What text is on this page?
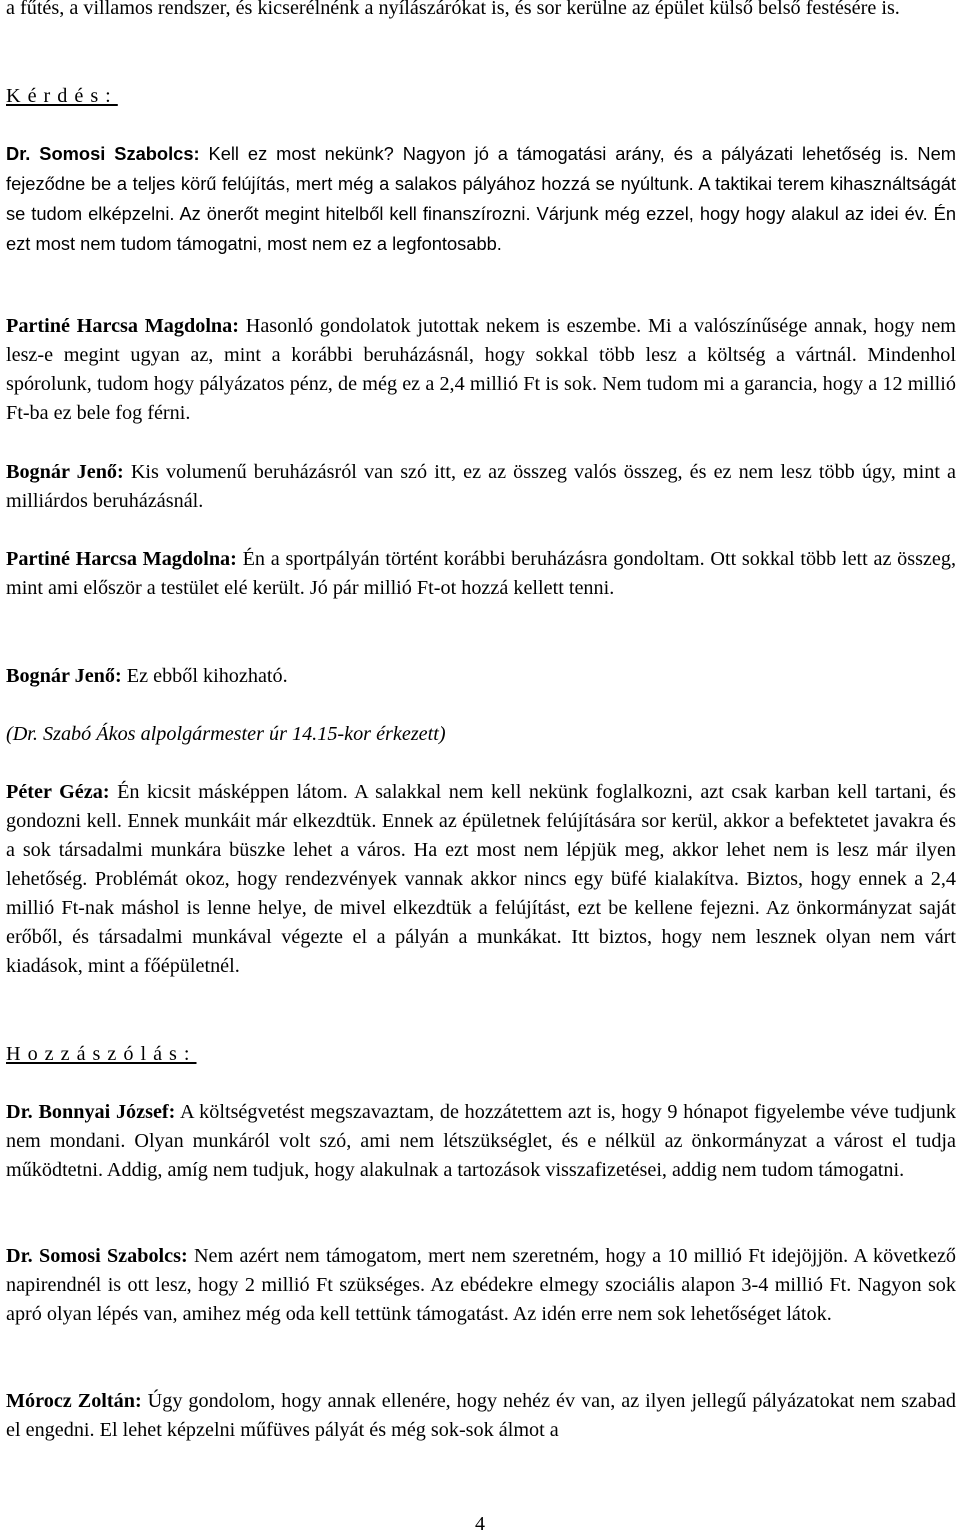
a fűtés, a villamos rendszer, és kicserélnénk a nyílászárókat is, és sor kerülne az épület külső belső festésére is.

Kérdés:

Dr. Somosi Szabolcs: Kell ez most nekünk? Nagyon jó a támogatási arány, és a pályázati lehetőség is. Nem fejeződne be a teljes körű felújítás, mert még a salakos pályához hozzá se nyúltunk. A taktikai terem kihasználtságát se tudom elképzelni. Az önerőt megint hitelből kell finanszírozni. Várjunk még ezzel, hogy hogy alakul az idei év. Én ezt most nem tudom támogatni, most nem ez a legfontosabb.

Partiné Harcsa Magdolna: Hasonló gondolatok jutottak nekem is eszembe. Mi a valószínűsége annak, hogy nem lesz-e megint ugyan az, mint a korábbi beruházásnál, hogy sokkal több lesz a költség a vártnál. Mindenhol spórolunk, tudom hogy pályázatos pénz, de még ez a 2,4 millió Ft is sok. Nem tudom mi a garancia, hogy a 12 millió Ft-ba ez bele fog férni.

Bognár Jenő: Kis volumenű beruházásról van szó itt, ez az összeg valós összeg, és ez nem lesz több úgy, mint a milliárdos beruházásnál.

Partiné Harcsa Magdolna: Én a sportpályán történt korábbi beruházásra gondoltam. Ott sokkal több lett az összeg, mint ami először a testület elé került. Jó pár millió Ft-ot hozzá kellett tenni.

Bognár Jenő: Ez ebből kihozható.

(Dr. Szabó Ákos alpolgármester úr 14.15-kor érkezett)

Péter Géza: Én kicsit másképpen látom. A salakkal nem kell nekünk foglalkozni, azt csak karban kell tartani, és gondozni kell. Ennek munkáit már elkezdtük. Ennek az épületnek felújítására sor kerül, akkor a befektetet javakra és a sok társadalmi munkára büszke lehet a város. Ha ezt most nem lépjük meg, akkor lehet nem is lesz már ilyen lehetőség. Problémát okoz, hogy rendezvények vannak akkor nincs egy büfé kialakítva. Biztos, hogy ennek a 2,4 millió Ft-nak máshol is lenne helye, de mivel elkezdtük a felújítást, ezt be kellene fejezni. Az önkormányzat saját erőből, és társadalmi munkával végezte el a pályán a munkákat. Itt biztos, hogy nem lesznek olyan nem várt kiadások, mint a főépületnél.

Hozzászólás:

Dr. Bonnyai József: A költségvetést megszavaztam, de hozzátettem azt is, hogy 9 hónapot figyelembe véve tudjunk nem mondani. Olyan munkáról volt szó, ami nem létszükséglet, és e nélkül az önkormányzat a várost el tudja működtetni. Addig, amíg nem tudjuk, hogy alakulnak a tartozások visszafizetései, addig nem tudom támogatni.

Dr. Somosi Szabolcs: Nem azért nem támogatom, mert nem szeretném, hogy a 10 millió Ft idejöjjön. A következő napirendnél is ott lesz, hogy 2 millió Ft szükséges. Az ebédekre elmegy szociális alapon 3-4 millió Ft. Nagyon sok apró olyan lépés van, amihez még oda kell tettünk támogatást. Az idén erre nem sok lehetőséget látok.

Mórocz Zoltán: Úgy gondolom, hogy annak ellenére, hogy nehéz év van, az ilyen jellegű pályázatokat nem szabad el engedni. El lehet képzelni műfüves pályát és még sok-sok álmot a

4
